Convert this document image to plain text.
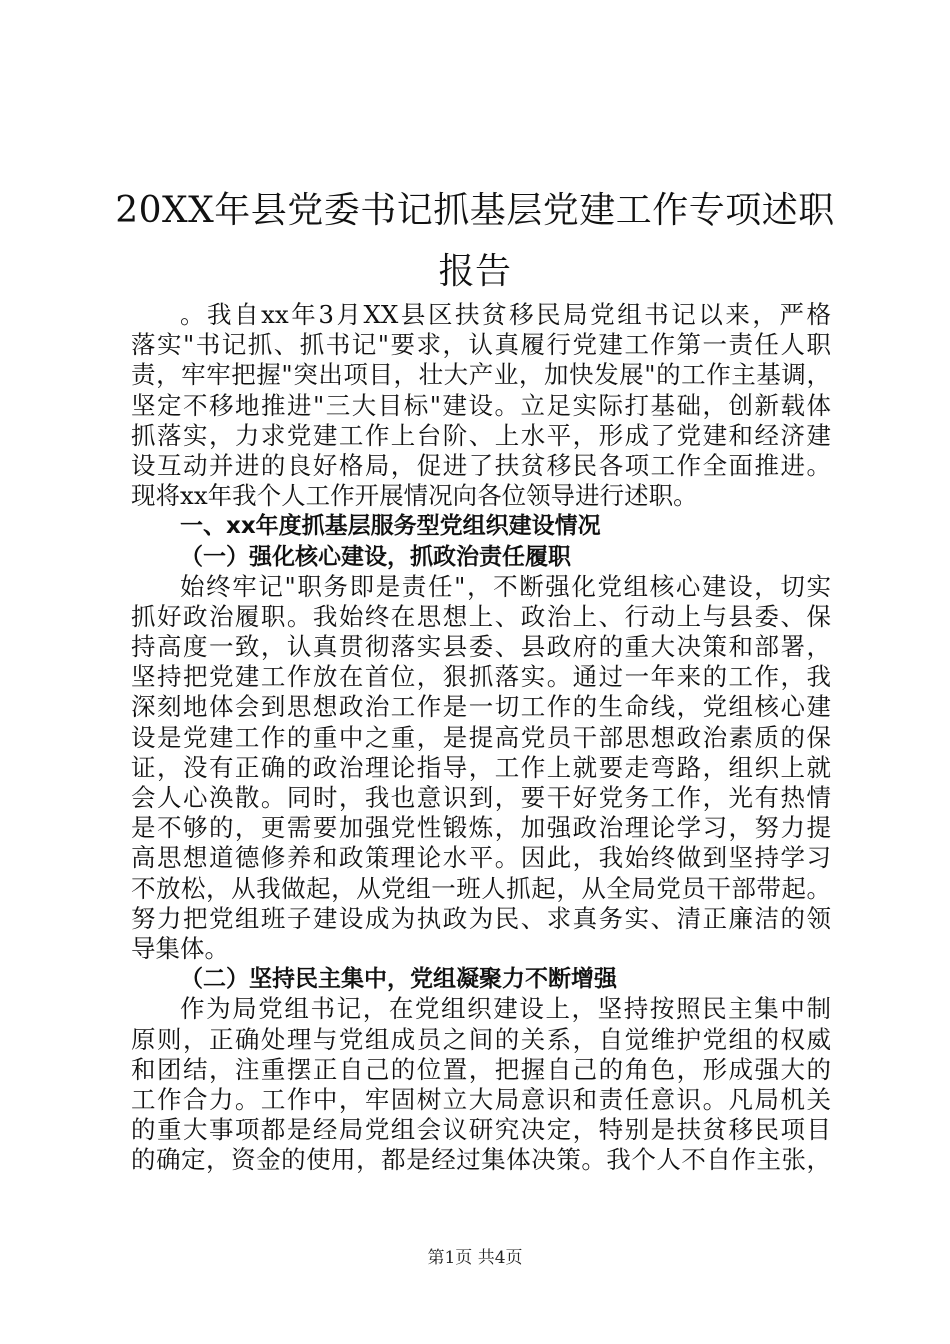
20XX年县党委书记抓基层党建工作专项述职
报告
。我自xx年3月XX县区扶贫移民局党组书记以来，严格
落实"书记抓、抓书记"要求，认真履行党建工作第一责任人职
责，牢牢把握"突出项目，壮大产业，加快发展"的工作主基调，
坚定不移地推进"三大目标"建设。立足实际打基础，创新载体
抓落实，力求党建工作上台阶、上水平，形成了党建和经济建
设互动并进的良好格局，促进了扶贫移民各项工作全面推进。
现将xx年我个人工作开展情况向各位领导进行述职。
一、xx年度抓基层服务型党组织建设情况
（一）强化核心建设，抓政治责任履职
始终牢记"职务即是责任"，不断强化党组核心建设，切实
抓好政治履职。我始终在思想上、政治上、行动上与县委、保
持高度一致，认真贯彻落实县委、县政府的重大决策和部署，
坚持把党建工作放在首位，狠抓落实。通过一年来的工作，我
深刻地体会到思想政治工作是一切工作的生命线，党组核心建
设是党建工作的重中之重，是提高党员干部思想政治素质的保
证，没有正确的政治理论指导，工作上就要走弯路，组织上就
会人心涣散。同时，我也意识到，要干好党务工作，光有热情
是不够的，更需要加强党性锻炼，加强政治理论学习，努力提
高思想道德修养和政策理论水平。因此，我始终做到坚持学习
不放松，从我做起，从党组一班人抓起，从全局党员干部带起。
努力把党组班子建设成为执政为民、求真务实、清正廉洁的领
导集体。
（二）坚持民主集中，党组凝聚力不断增强
作为局党组书记，在党组织建设上，坚持按照民主集中制
原则，正确处理与党组成员之间的关系，自觉维护党组的权威
和团结，注重摆正自己的位置，把握自己的角色，形成强大的
工作合力。工作中，牢固树立大局意识和责任意识。凡局机关
的重大事项都是经局党组会议研究决定，特别是扶贫移民项目
的确定，资金的使用，都是经过集体决策。我个人不自作主张，
第1页 共4页
